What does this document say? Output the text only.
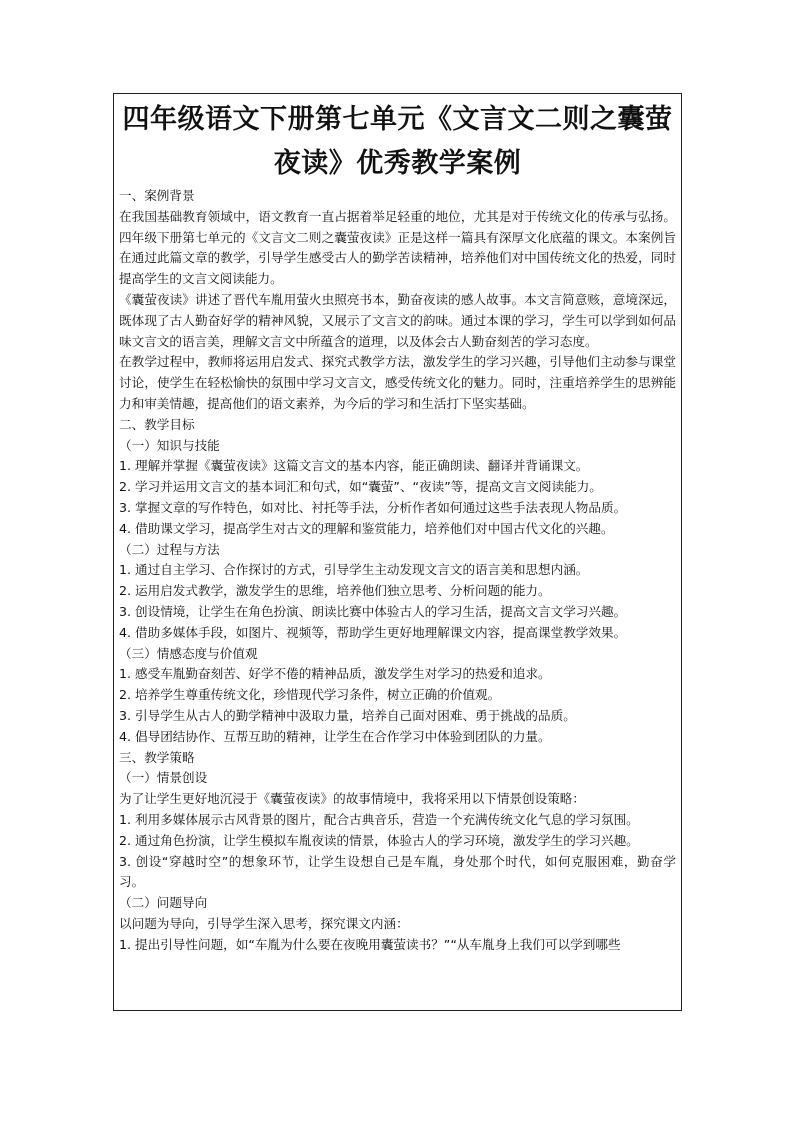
四年级语文下册第七单元《文言文二则之囊萤夜读》优秀教学案例

一、案例背景

在我国基础教育领域中，语文教育一直占据着举足轻重的地位，尤其是对于传统文化的传承与弘扬。四年级下册第七单元的《文言文二则之囊萤夜读》正是这样一篇具有深厚文化底蕴的课文。本案例旨在通过此篇文章的教学，引导学生感受古人的勤学苦读精神，培养他们对中国传统文化的热爱，同时提高学生的文言文阅读能力。

《囊萤夜读》讲述了晋代车胤用萤火虫照亮书本，勤奋夜读的感人故事。本文言简意赅，意境深远，既体现了古人勤奋好学的精神风貌，又展示了文言文的韵味。通过本课的学习，学生可以学到如何品味文言文的语言美，理解文言文中所蕴含的道理，以及体会古人勤奋刻苦的学习态度。

在教学过程中，教师将运用启发式、探究式教学方法，激发学生的学习兴趣，引导他们主动参与课堂讨论，使学生在轻松愉快的氛围中学习文言文，感受传统文化的魅力。同时，注重培养学生的思辨能力和审美情趣，提高他们的语文素养，为今后的学习和生活打下坚实基础。

二、教学目标

（一）知识与技能

1. 理解并掌握《囊萤夜读》这篇文言文的基本内容，能正确朗读、翻译并背诵课文。

2. 学习并运用文言文的基本词汇和句式，如“囊萤”、“夜读”等，提高文言文阅读能力。

3. 掌握文章的写作特色，如对比、衬托等手法，分析作者如何通过这些手法表现人物品质。

4. 借助课文学习，提高学生对古文的理解和鉴赏能力，培养他们对中国古代文化的兴趣。

（二）过程与方法

1. 通过自主学习、合作探讨的方式，引导学生主动发现文言文的语言美和思想内涵。

2. 运用启发式教学，激发学生的思维，培养他们独立思考、分析问题的能力。

3. 创设情境，让学生在角色扮演、朗读比赛中体验古人的学习生活，提高文言文学习兴趣。

4. 借助多媒体手段，如图片、视频等，帮助学生更好地理解课文内容，提高课堂教学效果。

（三）情感态度与价值观

1. 感受车胤勤奋刻苦、好学不倦的精神品质，激发学生对学习的热爱和追求。

2. 培养学生尊重传统文化，珍惜现代学习条件，树立正确的价值观。

3. 引导学生从古人的勤学精神中汲取力量，培养自己面对困难、勇于挑战的品质。

4. 倡导团结协作、互帮互助的精神，让学生在合作学习中体验到团队的力量。

三、教学策略

（一）情景创设

为了让学生更好地沉浸于《囊萤夜读》的故事情境中，我将采用以下情景创设策略：

1. 利用多媒体展示古风背景的图片，配合古典音乐，营造一个充满传统文化气息的学习氛围。

2. 通过角色扮演，让学生模拟车胤夜读的情景，体验古人的学习环境，激发学生的学习兴趣。

3. 创设“穿越时空”的想象环节，让学生设想自己是车胤，身处那个时代，如何克服困难，勤奋学习。

（二）问题导向

以问题为导向，引导学生深入思考，探究课文内涵：

1. 提出引导性问题，如“车胤为什么要在夜晚用囊萤读书？”“从车胤身上我们可以学到哪些
